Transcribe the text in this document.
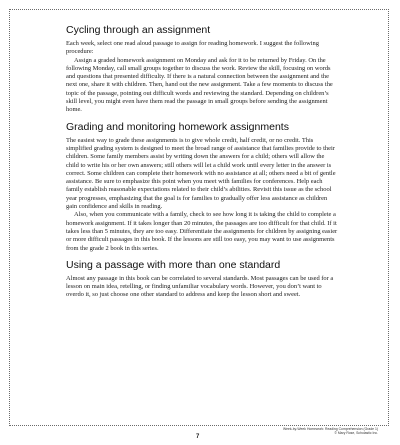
Cycling through an assignment

Each week, select one read aloud passage to assign for reading homework. I suggest the following procedure:

Assign a graded homework assignment on Monday and ask for it to be returned by Friday. On the following Monday, call small groups together to discuss the work. Review the skill, focusing on words and questions that presented difficulty. If there is a natural connection between the assignment and the next one, share it with children. Then, hand out the new assignment. Take a few moments to discuss the topic of the passage, pointing out difficult words and reviewing the standard. Depending on children’s skill level, you might even have them read the passage in small groups before sending the assignment home.

Grading and monitoring homework assignments

The easiest way to grade these assignments is to give whole credit, half credit, or no credit. This simplified grading system is designed to meet the broad range of assistance that families provide to their children. Some family members assist by writing down the answers for a child; others will allow the child to write his or her own answers; still others will let a child work until every letter in the answer is correct. Some children can complete their homework with no assistance at all; others need a bit of gentle assistance. Be sure to emphasize this point when you meet with families for conferences. Help each family establish reasonable expectations related to their child’s abilities. Revisit this issue as the school year progresses, emphasizing that the goal is for families to gradually offer less assistance as children gain confidence and skills in reading.

Also, when you communicate with a family, check to see how long it is taking the child to complete a homework assignment. If it takes longer than 20 minutes, the passages are too difficult for that child. If it takes less than 5 minutes, they are too easy. Differentiate the assignments for children by assigning easier or more difficult passages in this book. If the lessons are still too easy, you may want to use assignments from the grade 2 book in this series.

Using a passage with more than one standard

Almost any passage in this book can be correlated to several standards. Most passages can be used for a lesson on main idea, retelling, or finding unfamiliar vocabulary words. However, you don’t want to overdo it, so just choose one other standard to address and keep the lesson short and sweet.

7
Week-by-Week Homework: Reading Comprehension (Grade 1)
© Mary Rose, Scholastic Inc.
